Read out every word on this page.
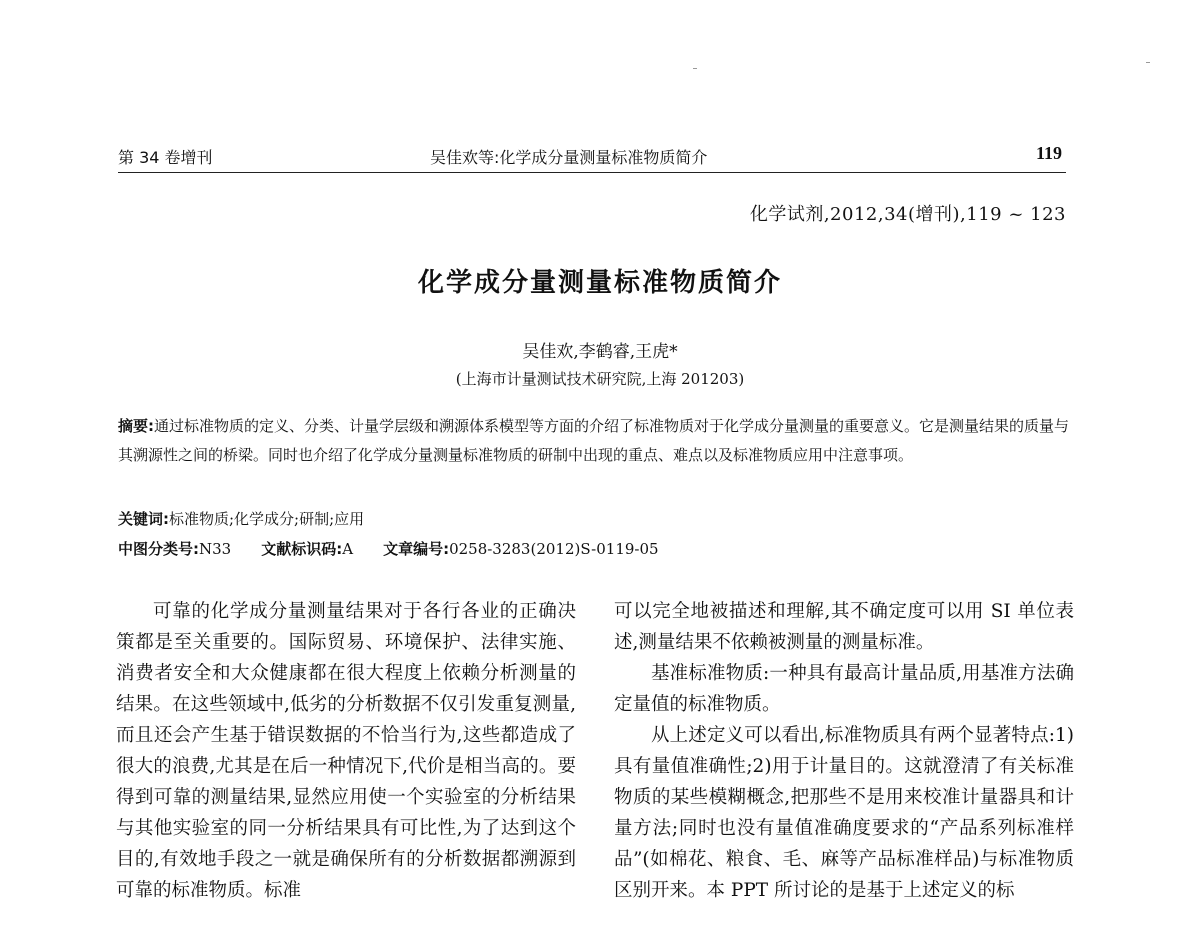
第 34 卷增刊	吴佳欢等:化学成分量测量标准物质简介	119
化学试剂,2012,34(增刊),119 ~ 123
化学成分量测量标准物质简介
吴佳欢,李鹤睿,王虎*
(上海市计量测试技术研究院,上海 201203)
摘要:通过标准物质的定义、分类、计量学层级和溯源体系模型等方面的介绍了标准物质对于化学成分量测量的重要意义。它是测量结果的质量与其溯源性之间的桥梁。同时也介绍了化学成分量测量标准物质的研制中出现的重点、难点以及标准物质应用中注意事项。
关键词:标准物质;化学成分;研制;应用
中图分类号:N33 文献标识码:A 文章编号:0258-3283(2012)S-0119-05

可靠的化学成分量测量结果对于各行各业的正确决策都是至关重要的。国际贸易、环境保护、法律实施、消费者安全和大众健康都在很大程度上依赖分析测量的结果。在这些领域中,低劣的分析数据不仅引发重复测量,而且还会产生基于错误数据的不恰当行为,这些都造成了很大的浪费,尤其是在后一种情况下,代价是相当高的。要得到可靠的测量结果,显然应用使一个实验室的分析结果与其他实验室的同一分析结果具有可比性,为了达到这个目的,有效地手段之一就是确保所有的分析数据都溯源到可靠的标准物质。标准

可以完全地被描述和理解,其不确定度可以用 SI 单位表述,测量结果不依赖被测量的测量标准。

基准标准物质:一种具有最高计量品质,用基准方法确定量值的标准物质。

从上述定义可以看出,标准物质具有两个显著特点:1)具有量值准确性;2)用于计量目的。这就澄清了有关标准物质的某些模糊概念,把那些不是用来校准计量器具和计量方法;同时也没有量值准确度要求的“产品系列标准样品”(如棉花、粮食、毛、麻等产品标准样品)与标准物质区别开来。本 PPT 所讨论的是基于上述定义的标
